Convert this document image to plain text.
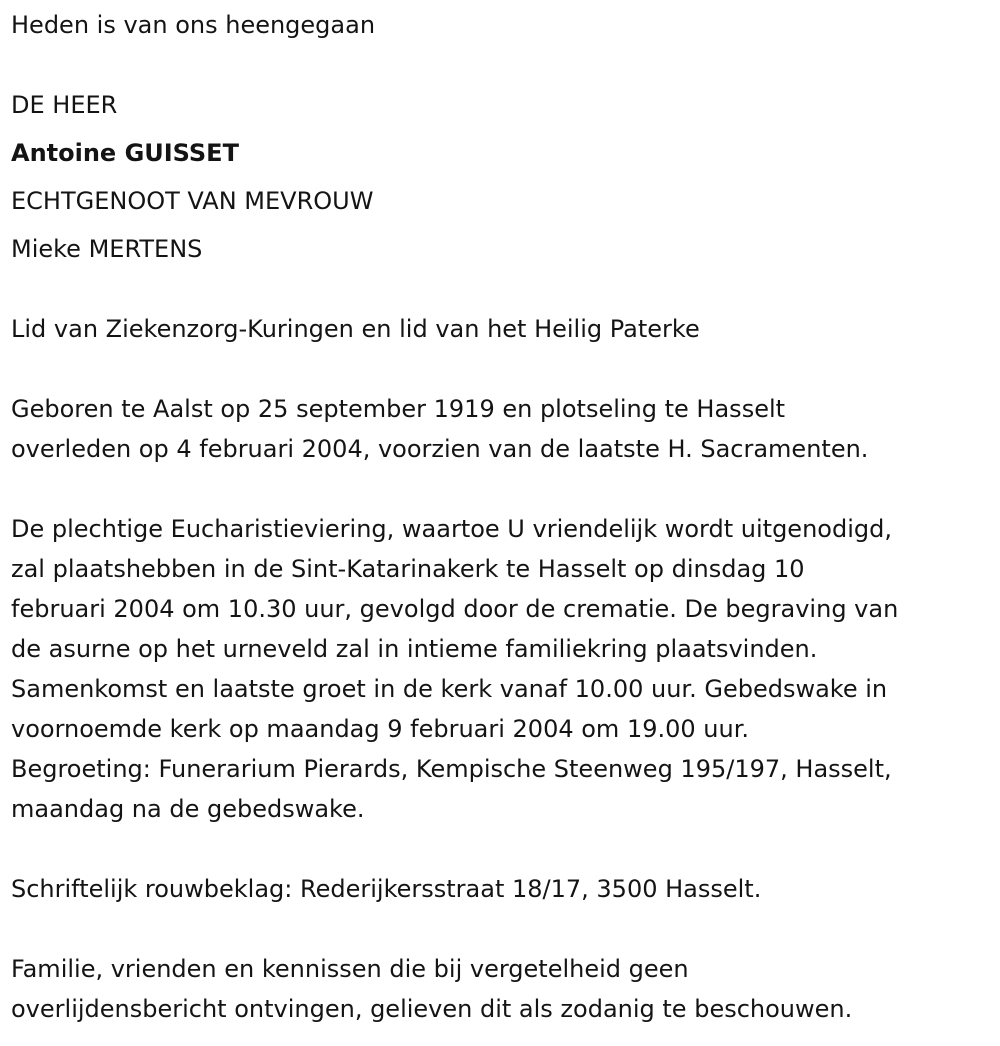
Heden is van ons heengegaan

DE HEER

Antoine GUISSET

ECHTGENOOT VAN MEVROUW

Mieke MERTENS

Lid van Ziekenzorg-Kuringen en lid van het Heilig Paterke

Geboren te Aalst op 25 september 1919 en plotseling te Hasselt

overleden op 4 februari 2004, voorzien van de laatste H. Sacramenten.

De plechtige Eucharistieviering, waartoe U vriendelijk wordt uitgenodigd,

zal plaatshebben in de Sint-Katarinakerk te Hasselt op dinsdag 10

februari 2004 om 10.30 uur, gevolgd door de crematie. De begraving van

de asurne op het urneveld zal in intieme familiekring plaatsvinden.

Samenkomst en laatste groet in de kerk vanaf 10.00 uur. Gebedswake in

voornoemde kerk op maandag 9 februari 2004 om 19.00 uur.

Begroeting: Funerarium Pierards, Kempische Steenweg 195/197, Hasselt,

maandag na de gebedswake.

Schriftelijk rouwbeklag: Rederijkersstraat 18/17, 3500 Hasselt.

Familie, vrienden en kennissen die bij vergetelheid geen

overlijdensbericht ontvingen, gelieven dit als zodanig te beschouwen.
